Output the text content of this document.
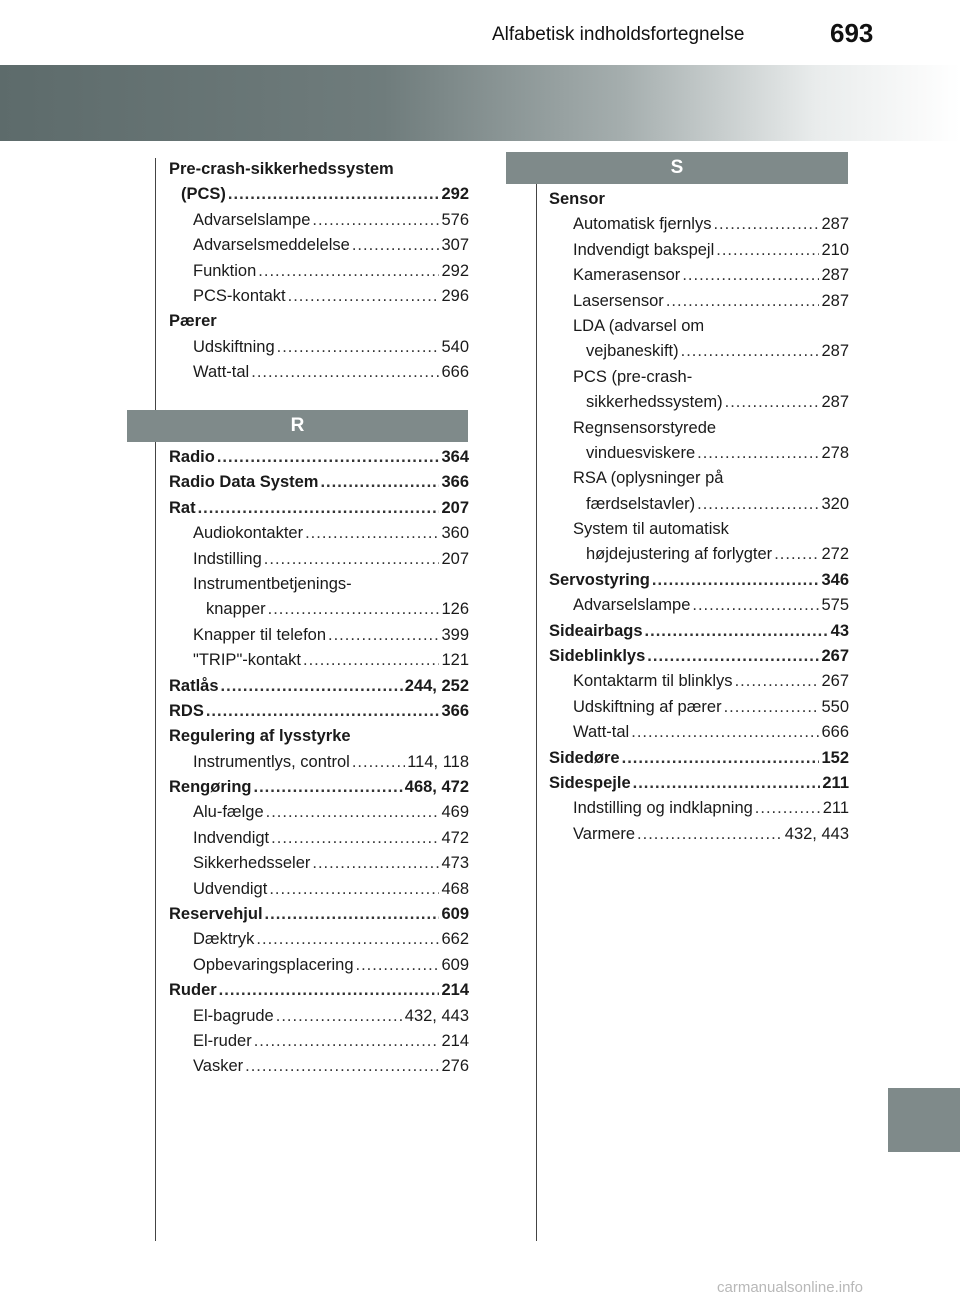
Alfabetisk indholdsfortegnelse	693
Pre-crash-sikkerhedssystem
(PCS) .....	292
Advarselslampe .....	576
Advarselsmeddelelse .....	307
Funktion .....	292
PCS-kontakt .....	296
Pærer
Udskiftning .....	540
Watt-tal .....	666
R
Radio .....	364
Radio Data System .....	366
Rat .....	207
Audiokontakter .....	360
Indstilling .....	207
Instrumentbetjenings-
knapper .....	126
Knapper til telefon .....	399
"TRIP"-kontakt .....	121
Ratlås .....	244, 252
RDS .....	366
Regulering af lysstyrke
Instrumentlys, control .....	114, 118
Rengøring .....	468, 472
Alu-fælge .....	469
Indvendigt .....	472
Sikkerhedsseler .....	473
Udvendigt .....	468
Reservehjul .....	609
Dæktryk .....	662
Opbevaringsplacering .....	609
Ruder .....	214
El-bagrude .....	432, 443
El-ruder .....	214
Vasker .....	276
S
Sensor
Automatisk fjernlys .....	287
Indvendigt bakspejl .....	210
Kamerasensor .....	287
Lasersensor .....	287
LDA (advarsel om
vejbaneskift) .....	287
PCS (pre-crash-
sikkerhedssystem) .....	287
Regnsensorstyrede
vinduesviskere .....	278
RSA (oplysninger på
færdselstavler) .....	320
System til automatisk
højdejustering af forlygter .....	272
Servostyring .....	346
Advarselslampe .....	575
Sideairbags .....	43
Sideblinklys .....	267
Kontaktarm til blinklys .....	267
Udskiftning af pærer .....	550
Watt-tal .....	666
Sidedøre .....	152
Sidespejle .....	211
Indstilling og indklapning .....	211
Varmere .....	432, 443
carmanualsonline.info
